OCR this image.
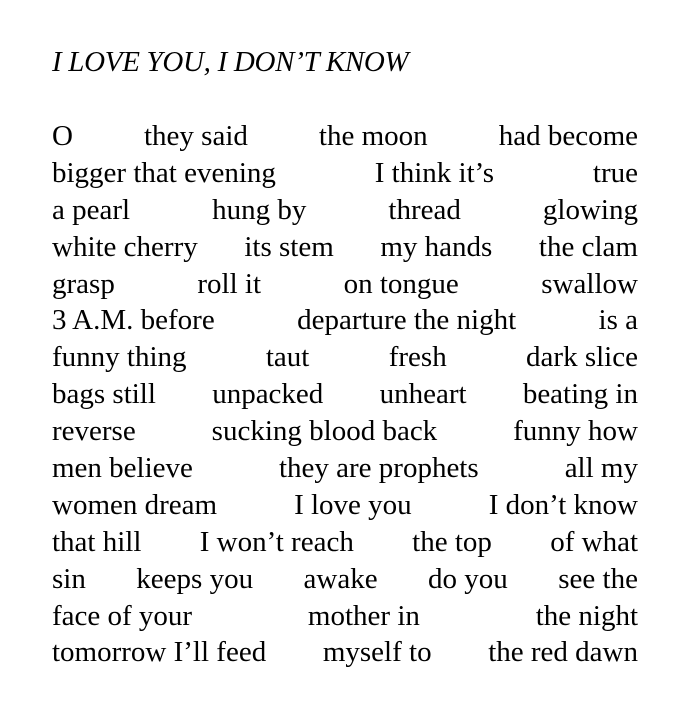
I LOVE YOU, I DON’T KNOW
O they said the moon had become
bigger that evening	I think it’s	true
a pearl	hung by	thread	glowing
white cherry its stem my hands the clam
grasp	roll it	on tongue	swallow
3 A.M. before	departure the night	is a
funny thing	taut	fresh	dark slice
bags still unpacked unheart beating in
reverse	sucking blood back	funny how
men believe	they are prophets	all my
women dream	I love you	I don’t know
that hill I won’t reach the top of what
sin keeps you awake do you see the
face of your	mother in	the night
tomorrow I’ll feed myself to the red dawn
